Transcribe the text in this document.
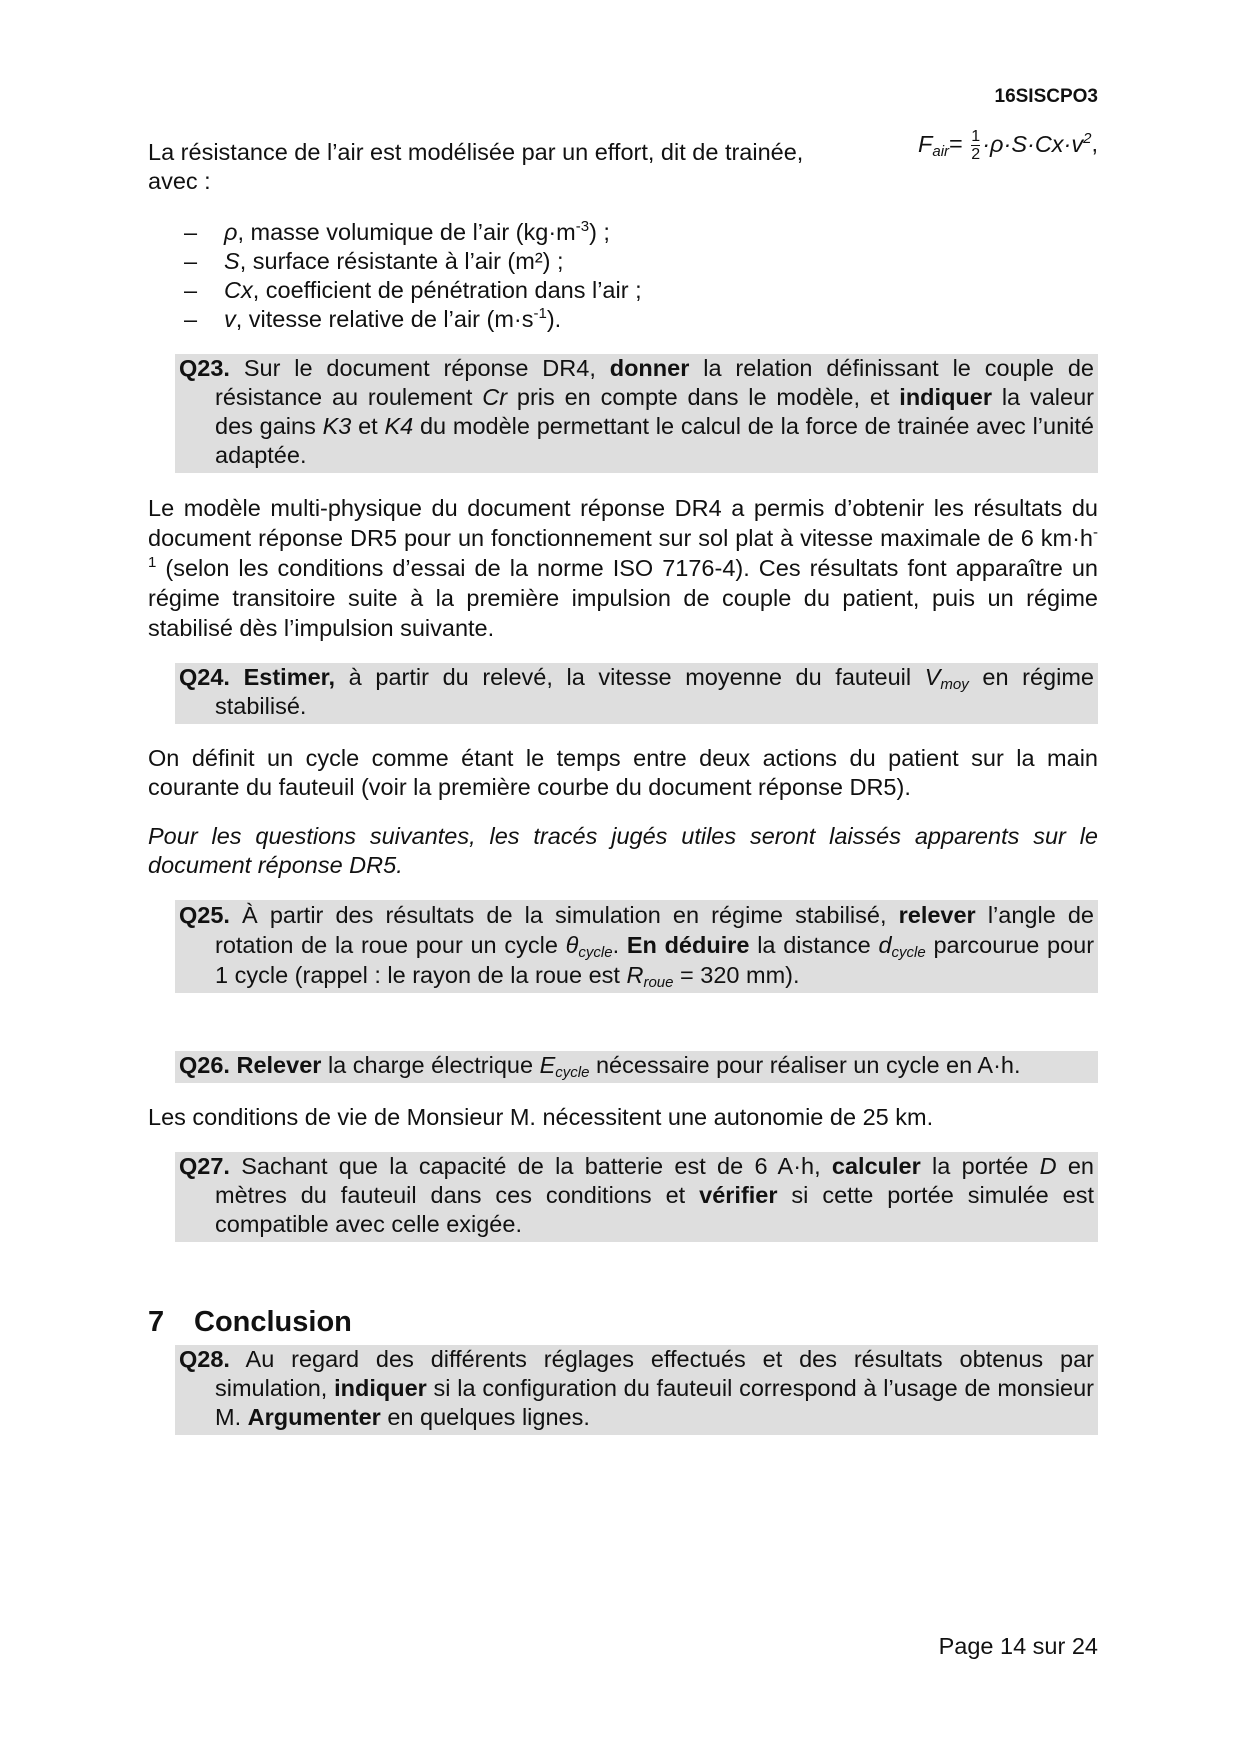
16SISCPO3
La résistance de l’air est modélisée par un effort, dit de trainée,	$F_{air}= \frac{1}{2} \cdot\rho\cdot S\cdot Cx\cdot v^2$,
avec :
– ρ, masse volumique de l’air $(kg\cdot m^{-3})$ ;
– S, surface résistante à l’air (m²) ;
– Cx, coefficient de pénétration dans l’air ;
– v, vitesse relative de l’air $(m\cdot s^{-1})$.
Q23. Sur le document réponse DR4, donner la relation définissant le couple de résistance au roulement Cr pris en compte dans le modèle, et indiquer la valeur des gains K3 et K4 du modèle permettant le calcul de la force de trainée avec l’unité adaptée.

Le modèle multi-physique du document réponse DR4 a permis d’obtenir les résultats du document réponse DR5 pour un fonctionnement sur sol plat à vitesse maximale de 6 $km\cdot h^{-1}$ (selon les conditions d’essai de la norme ISO 7176-4). Ces résultats font apparaître un régime transitoire suite à la première impulsion de couple du patient, puis un régime stabilisé dès l’impulsion suivante.

Q24. Estimer, à partir du relevé, la vitesse moyenne du fauteuil $V_{moy}$ en régime stabilisé.

On définit un cycle comme étant le temps entre deux actions du patient sur la main courante du fauteuil (voir la première courbe du document réponse DR5).

Pour les questions suivantes, les tracés jugés utiles seront laissés apparents sur le document réponse DR5.

Q25. À partir des résultats de la simulation en régime stabilisé, relever l’angle de rotation de la roue pour un cycle $\theta_{cycle}$. En déduire la distance $d_{cycle}$ parcourue pour 1 cycle (rappel : le rayon de la roue est $R_{roue} = 320$ mm).
Q26. Relever la charge électrique $E_{cycle}$ nécessaire pour réaliser un cycle en A·h.

Les conditions de vie de Monsieur M. nécessitent une autonomie de 25 km.

Q27. Sachant que la capacité de la batterie est de 6 A·h, calculer la portée D en mètres du fauteuil dans ces conditions et vérifier si cette portée simulée est compatible avec celle exigée.
7 Conclusion
Q28. Au regard des différents réglages effectués et des résultats obtenus par simulation, indiquer si la configuration du fauteuil correspond à l’usage de monsieur M. Argumenter en quelques lignes.
Page 14 sur 24
